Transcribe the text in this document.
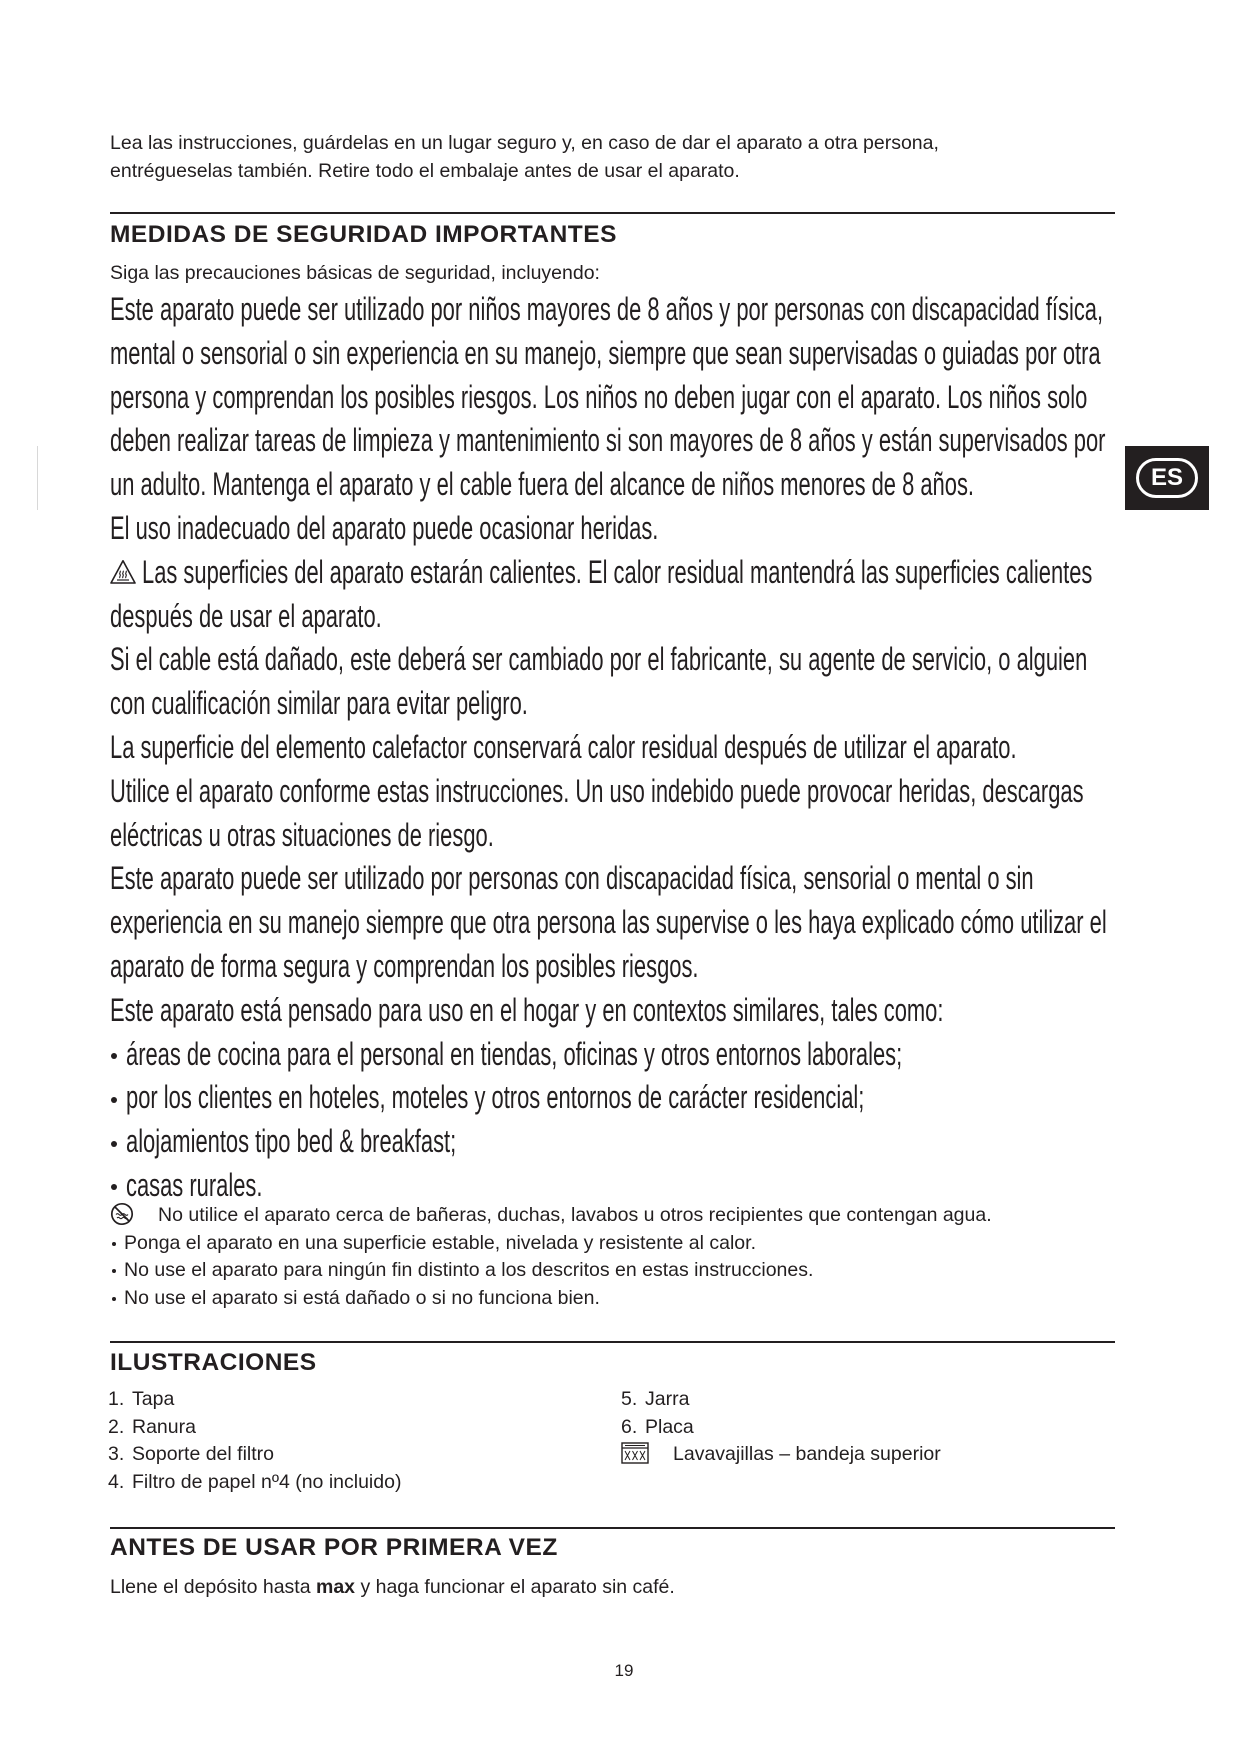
Lea las instrucciones, guárdelas en un lugar seguro y, en caso de dar el aparato a otra persona,
entrégueselas también. Retire todo el embalaje antes de usar el aparato.
MEDIDAS DE SEGURIDAD IMPORTANTES
Siga las precauciones básicas de seguridad, incluyendo:
Este aparato puede ser utilizado por niños mayores de 8 años y por personas con discapacidad física,
mental o sensorial o sin experiencia en su manejo, siempre que sean supervisadas o guiadas por otra
persona y comprendan los posibles riesgos. Los niños no deben jugar con el aparato. Los niños solo
deben realizar tareas de limpieza y mantenimiento si son mayores de 8 años y están supervisados por
un adulto. Mantenga el aparato y el cable fuera del alcance de niños menores de 8 años.
El uso inadecuado del aparato puede ocasionar heridas.
Las superficies del aparato estarán calientes. El calor residual mantendrá las superficies calientes
después de usar el aparato.
Si el cable está dañado, este deberá ser cambiado por el fabricante, su agente de servicio, o alguien
con cualificación similar para evitar peligro.
La superficie del elemento calefactor conservará calor residual después de utilizar el aparato.
Utilice el aparato conforme estas instrucciones. Un uso indebido puede provocar heridas, descargas
eléctricas u otras situaciones de riesgo.
Este aparato puede ser utilizado por personas con discapacidad física, sensorial o mental o sin
experiencia en su manejo siempre que otra persona las supervise o les haya explicado cómo utilizar el
aparato de forma segura y comprendan los posibles riesgos.
Este aparato está pensado para uso en el hogar y en contextos similares, tales como:
áreas de cocina para el personal en tiendas, oficinas y otros entornos laborales;
por los clientes en hoteles, moteles y otros entornos de carácter residencial;
alojamientos tipo bed & breakfast;
casas rurales.
No utilice el aparato cerca de bañeras, duchas, lavabos u otros recipientes que contengan agua.
Ponga el aparato en una superficie estable, nivelada y resistente al calor.
No use el aparato para ningún fin distinto a los descritos en estas instrucciones.
No use el aparato si está dañado o si no funciona bien.
ILUSTRACIONES
1. Tapa
2. Ranura
3. Soporte del filtro
4. Filtro de papel nº4 (no incluido)
5. Jarra
6. Placa
Lavavajillas – bandeja superior
ANTES DE USAR POR PRIMERA VEZ
Llene el depósito hasta max y haga funcionar el aparato sin café.
19
ES
